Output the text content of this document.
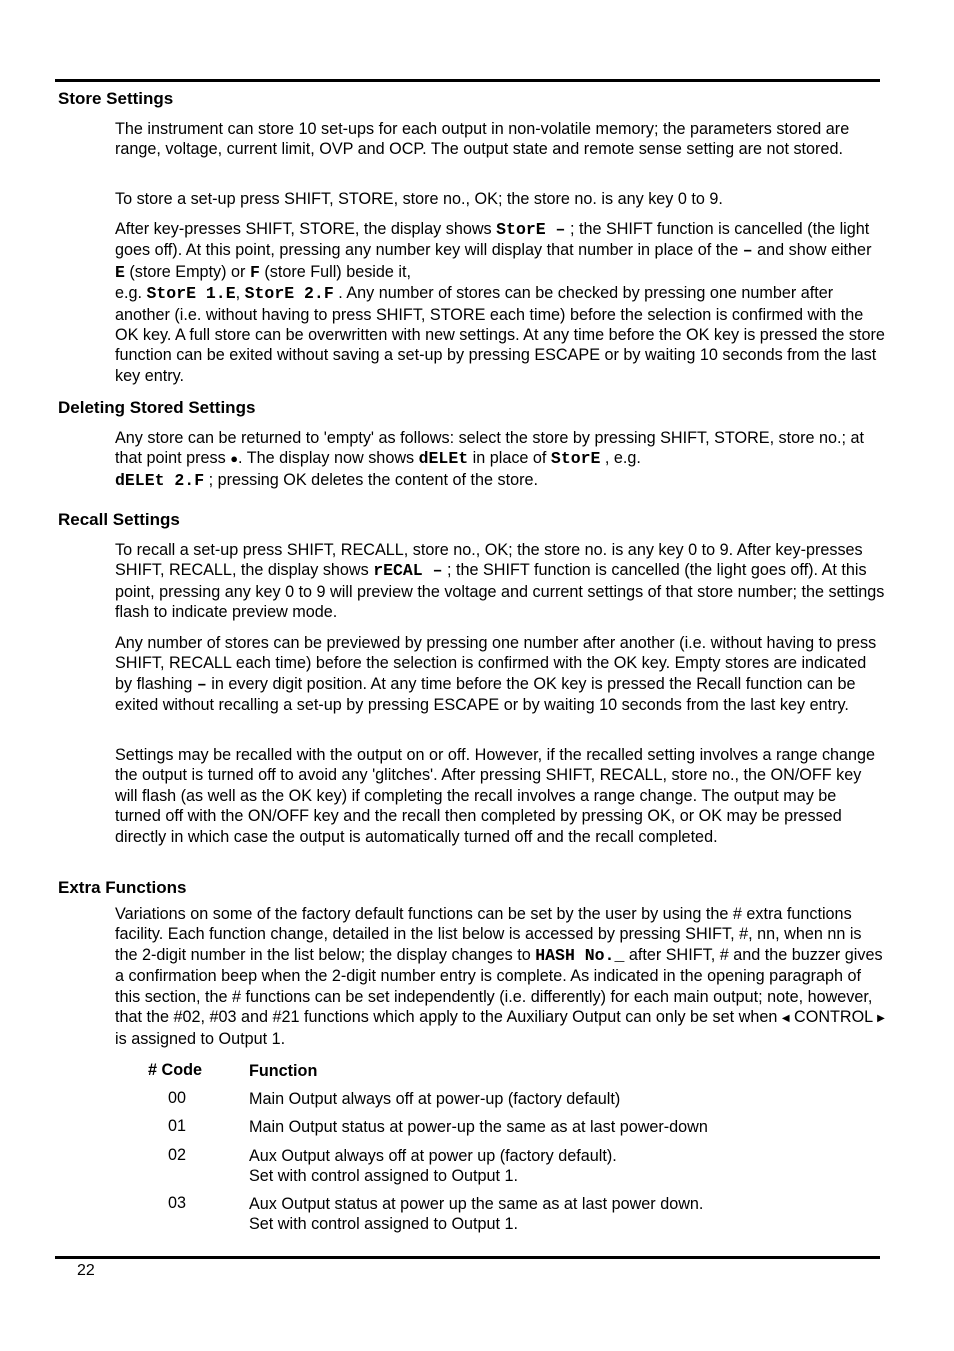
Store Settings

The instrument can store 10 set-ups for each output in non-volatile memory; the parameters stored are range, voltage, current limit, OVP and OCP. The output state and remote sense setting are not stored.

To store a set-up press SHIFT, STORE, store no., OK; the store no. is any key 0 to 9.

After key-presses SHIFT, STORE, the display shows StorE – ; the SHIFT function is cancelled (the light goes off). At this point, pressing any number key will display that number in place of the – and show either E (store Empty) or F (store Full) beside it,
e.g. StorE 1.E, StorE 2.F . Any number of stores can be checked by pressing one number after another (i.e. without having to press SHIFT, STORE each time) before the selection is confirmed with the OK key. A full store can be overwritten with new settings. At any time before the OK key is pressed the store function can be exited without saving a set-up by pressing ESCAPE or by waiting 10 seconds from the last key entry.

Deleting Stored Settings

Any store can be returned to 'empty' as follows: select the store by pressing SHIFT, STORE, store no.; at that point press ●. The display now shows dELEt in place of StorE , e.g.
dELEt 2.F ; pressing OK deletes the content of the store.

Recall Settings

To recall a set-up press SHIFT, RECALL, store no., OK; the store no. is any key 0 to 9. After key-presses SHIFT, RECALL, the display shows rECAL – ; the SHIFT function is cancelled (the light goes off). At this point, pressing any key 0 to 9 will preview the voltage and current settings of that store number; the settings flash to indicate preview mode.

Any number of stores can be previewed by pressing one number after another (i.e. without having to press SHIFT, RECALL each time) before the selection is confirmed with the OK key. Empty stores are indicated by flashing – in every digit position. At any time before the OK key is pressed the Recall function can be exited without recalling a set-up by pressing ESCAPE or by waiting 10 seconds from the last key entry.

Settings may be recalled with the output on or off. However, if the recalled setting involves a range change the output is turned off to avoid any 'glitches'. After pressing SHIFT, RECALL, store no., the ON/OFF key will flash (as well as the OK key) if completing the recall involves a range change. The output may be turned off with the ON/OFF key and the recall then completed by pressing OK, or OK may be pressed directly in which case the output is automatically turned off and the recall completed.

Extra Functions

Variations on some of the factory default functions can be set by the user by using the # extra functions facility. Each function change, detailed in the list below is accessed by pressing SHIFT, #, nn, when nn is the 2-digit number in the list below; the display changes to HASH No._ after SHIFT, # and the buzzer gives a confirmation beep when the 2-digit number entry is complete. As indicated in the opening paragraph of this section, the # functions can be set independently (i.e. differently) for each main output; note, however, that the #02, #03 and #21 functions which apply to the Auxiliary Output can only be set when ◀ CONTROL ▶ is assigned to Output 1.

# Code	Function
00	Main Output always off at power-up (factory default)
01	Main Output status at power-up the same as at last power-down
02	Aux Output always off at power up (factory default).
Set with control assigned to Output 1.
03	Aux Output status at power up the same as at last power down.
Set with control assigned to Output 1.
22
